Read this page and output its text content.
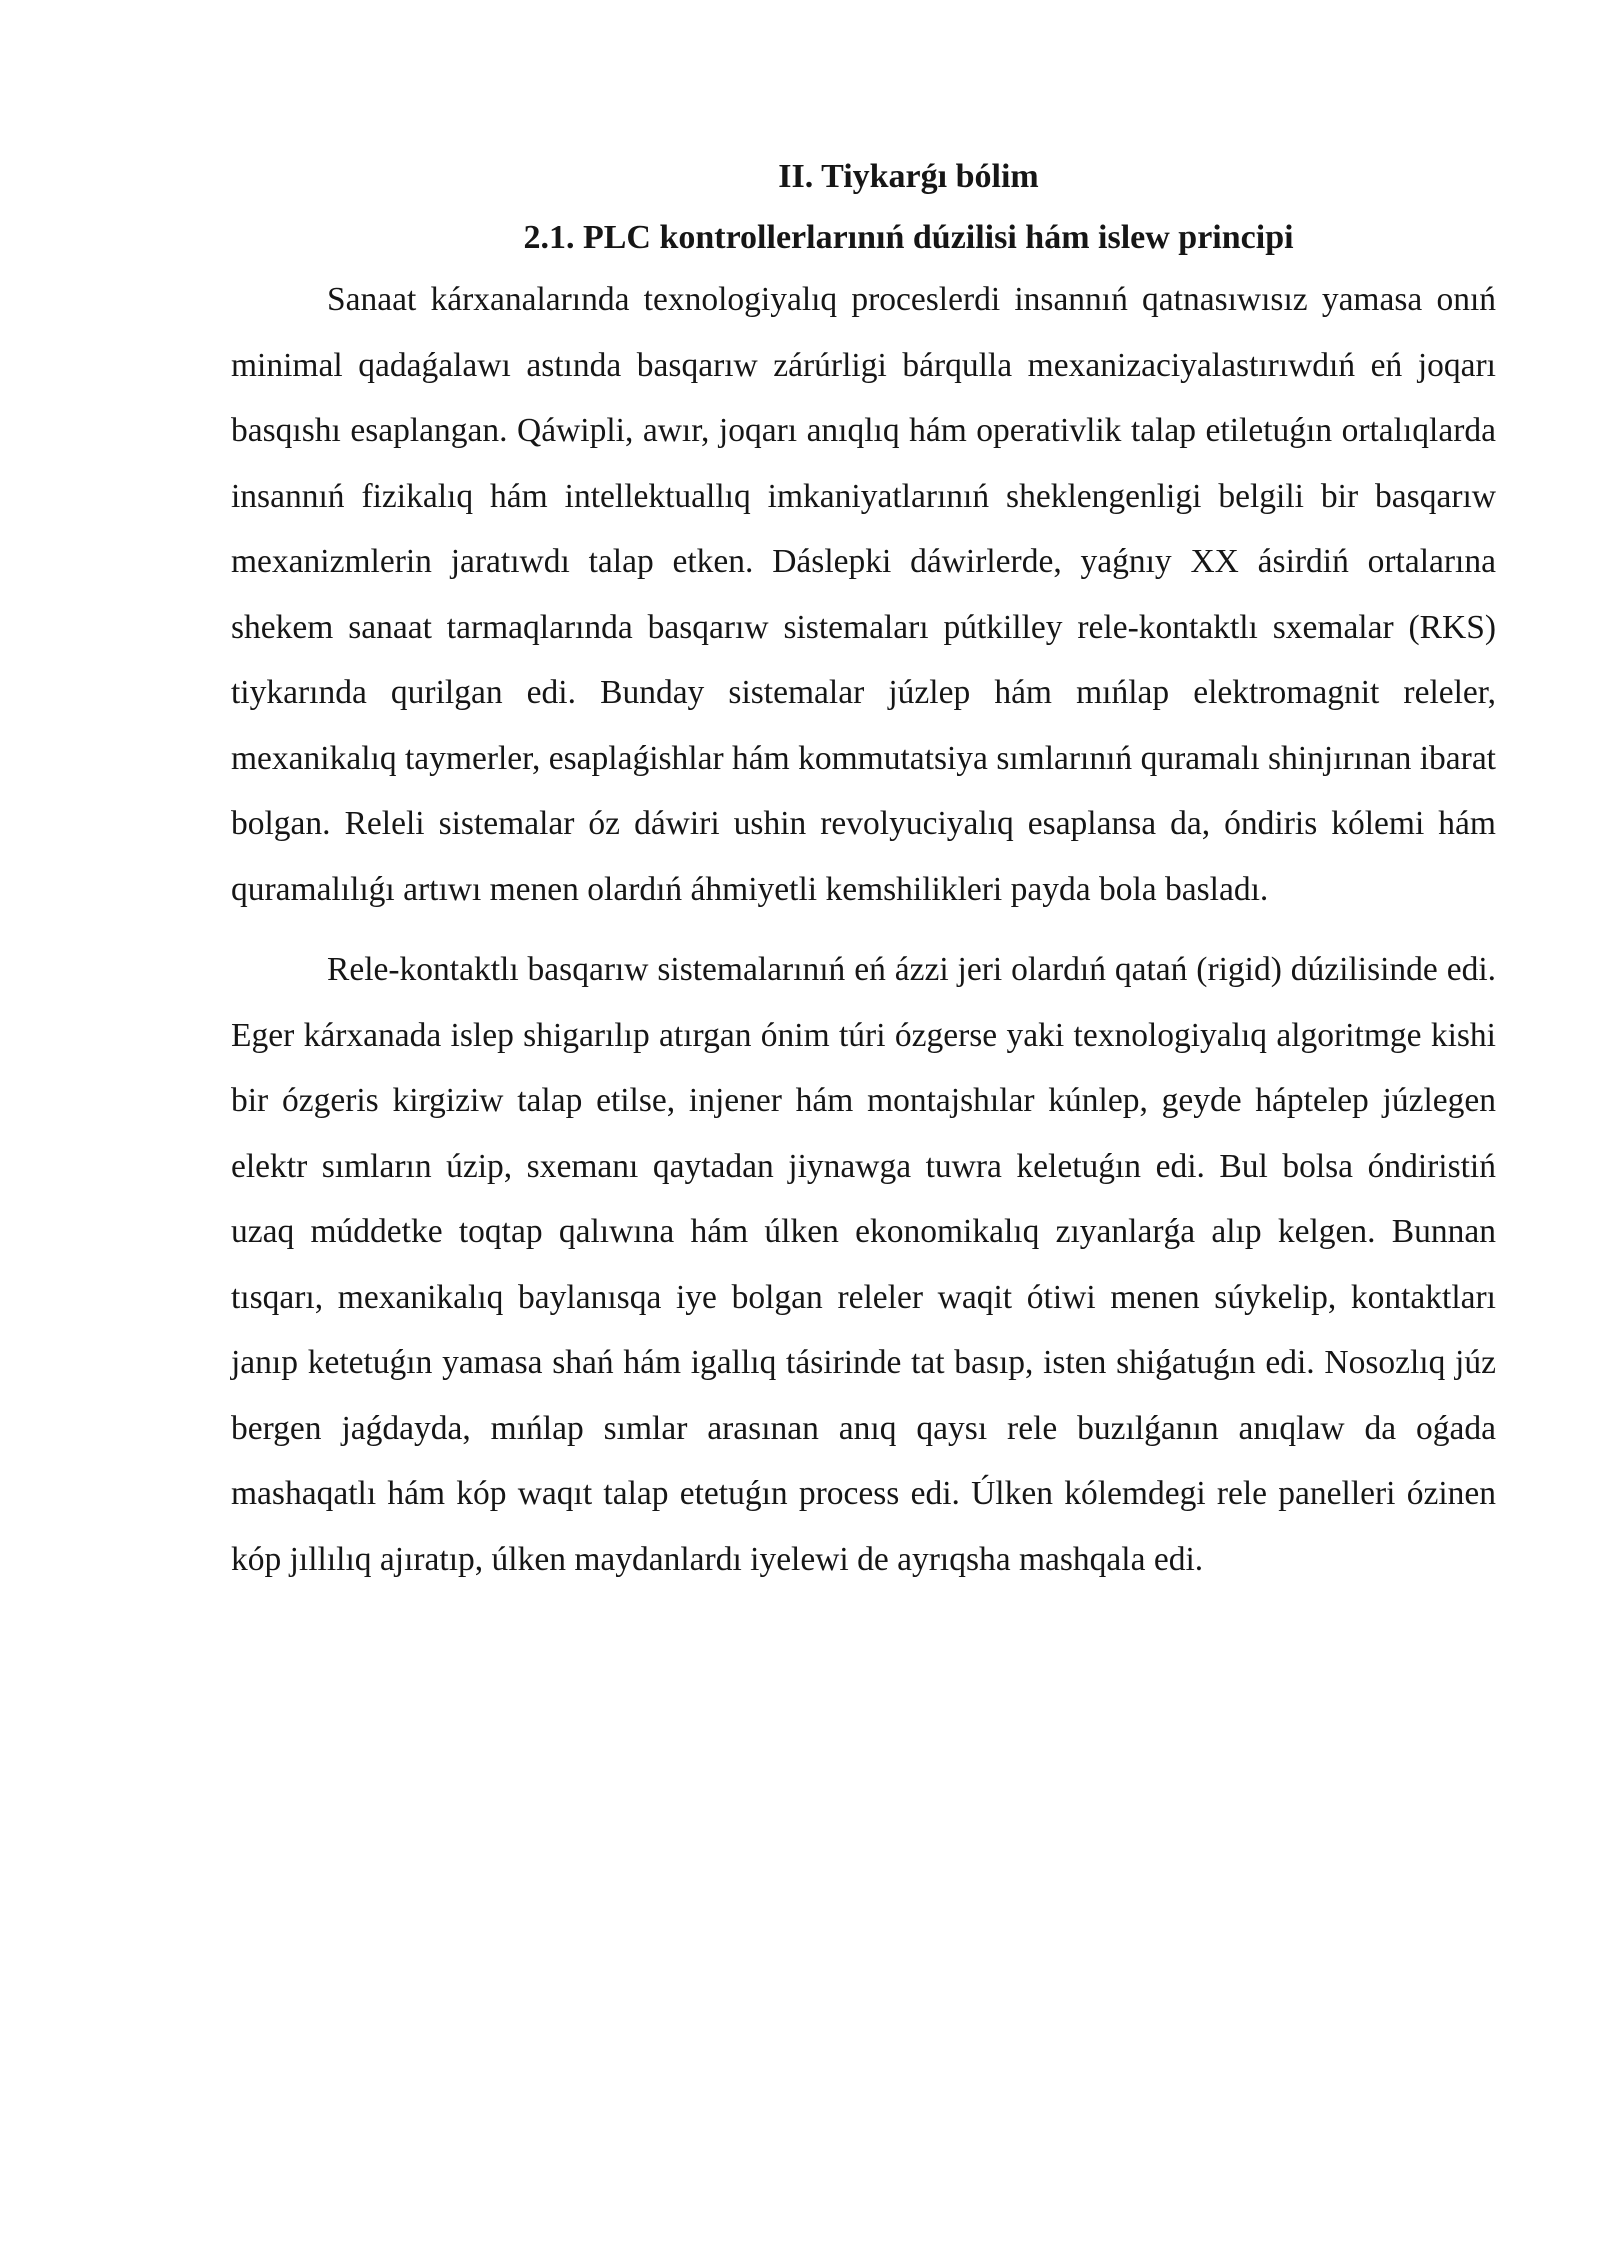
II. Tiykarǵı bólim

2.1. PLC kontrollerlarınıń dúzilisi hám islew principi

Sanaat kárxanalarında texnologiyalıq proceslerdi insannıń qatnasıwısız yamasa onıń minimal qadaǵalawı astında basqarıw zárúrligi bárqulla mexanizaciyalastırıwdıń eń joqarı basqıshı esaplangan. Qáwipli, awır, joqarı anıqlıq hám operativlik talap etiletuǵın ortalıqlarda insannıń fizikalıq hám intellektuallıq imkaniyatlarınıń sheklengenligi belgili bir basqarıw mexanizmlerin jaratıwdı talap etken. Dáslepki dáwirlerde, yaǵnıy XX ásirdiń ortalarına shekem sanaat tarmaqlarında basqarıw sistemaları pútkilley rele-kontaktlı sxemalar (RKS) tiykarında qurilgan edi. Bunday sistemalar júzlep hám mıńlap elektromagnit releler, mexanikalıq taymerler, esaplaǵishlar hám kommutatsiya sımlarınıń quramalı shinjırınan ibarat bolgan. Releli sistemalar óz dáwiri ushin revolyuciyalıq esaplansa da, óndiris kólemi hám quramalılıǵı artıwı menen olardıń áhmiyetli kemshilikleri payda bola basladı.

Rele-kontaktlı basqarıw sistemalarınıń eń ázzi jeri olardıń qatań (rigid) dúzilisinde edi. Eger kárxanada islep shigarılıp atırgan ónim túri ózgerse yaki texnologiyalıq algoritmge kishi bir ózgeris kirgiziw talap etilse, injener hám montajshılar kúnlep, geyde háptelep júzlegen elektr sımların úzip, sxemanı qaytadan jiynawga tuwra keletuǵın edi. Bul bolsa óndiristiń uzaq múddetke toqtap qalıwına hám úlken ekonomikalıq zıyanlarǵa alıp kelgen. Bunnan tısqarı, mexanikalıq baylanısqa iye bolgan releler waqit ótiwi menen súykelip, kontaktları janıp ketetuǵın yamasa shań hám igallıq tásirinde tat basıp, isten shiǵatuǵın edi. Nosozlıq júz bergen jaǵdayda, mıńlap sımlar arasınan anıq qaysı rele buzılǵanın anıqlaw da oǵada mashaqatlı hám kóp waqıt talap etetuǵın process edi. Úlken kólemdegi rele panelleri ózinen kóp jıllılıq ajıratıp, úlken maydanlardı iyelewi de ayrıqsha mashqala edi.
